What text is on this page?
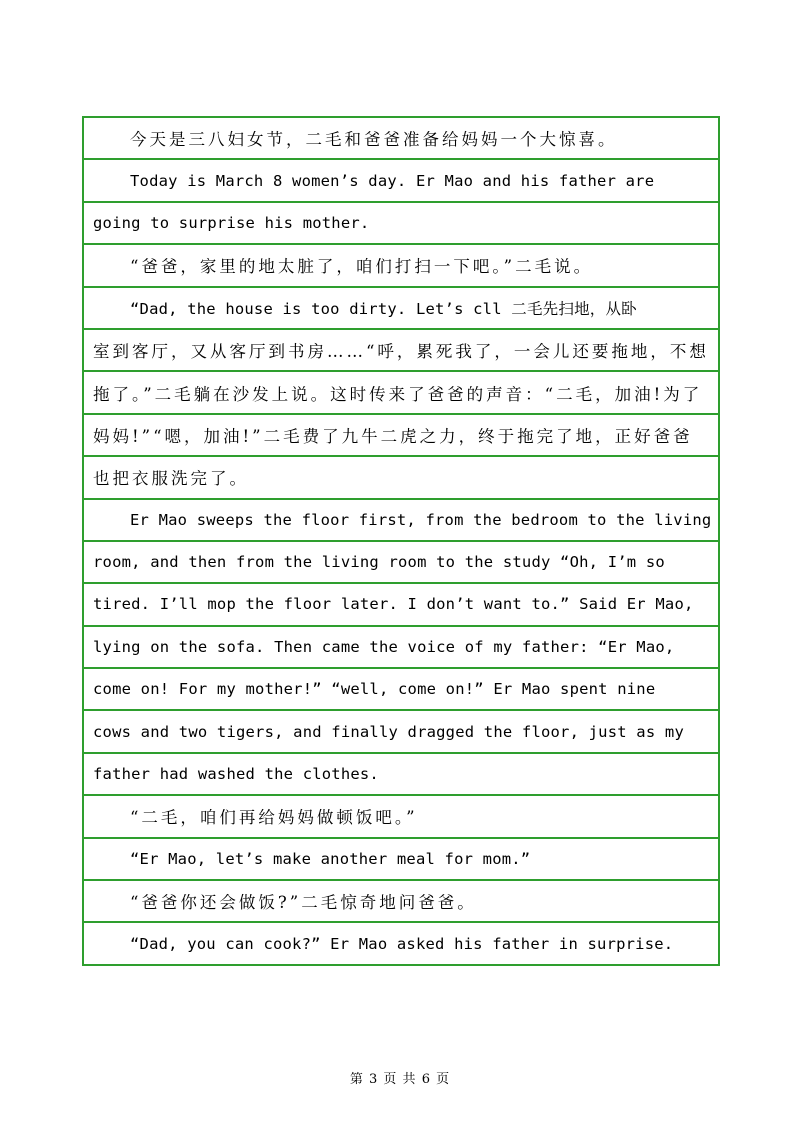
今天是三八妇女节，二毛和爸爸准备给妈妈一个大惊喜。
Today is March 8 women’s day. Er Mao and his father are
going to surprise his mother.
“爸爸，家里的地太脏了，咱们打扫一下吧。”二毛说。
“Dad, the house is too dirty. Let’s cll 二毛先扫地，从卧
室到客厅，又从客厅到书房……“呼，累死我了，一会儿还要拖地，不想
拖了。”二毛躺在沙发上说。这时传来了爸爸的声音：“二毛，加油!为了
妈妈!”“嗯，加油!”二毛费了九牛二虎之力，终于拖完了地，正好爸爸
也把衣服洗完了。
Er Mao sweeps the floor first, from the bedroom to the living
room, and then from the living room to the study “Oh, I’m so
tired. I’ll mop the floor later. I don’t want to.” Said Er Mao,
lying on the sofa. Then came the voice of my father: “Er Mao,
come on! For my mother!” “well, come on!” Er Mao spent nine
cows and two tigers, and finally dragged the floor, just as my
father had washed the clothes.
“二毛，咱们再给妈妈做顿饭吧。”
“Er Mao, let’s make another meal for mom.”
“爸爸你还会做饭?”二毛惊奇地问爸爸。
“Dad, you can cook?” Er Mao asked his father in surprise.
第 3 页 共 6 页
